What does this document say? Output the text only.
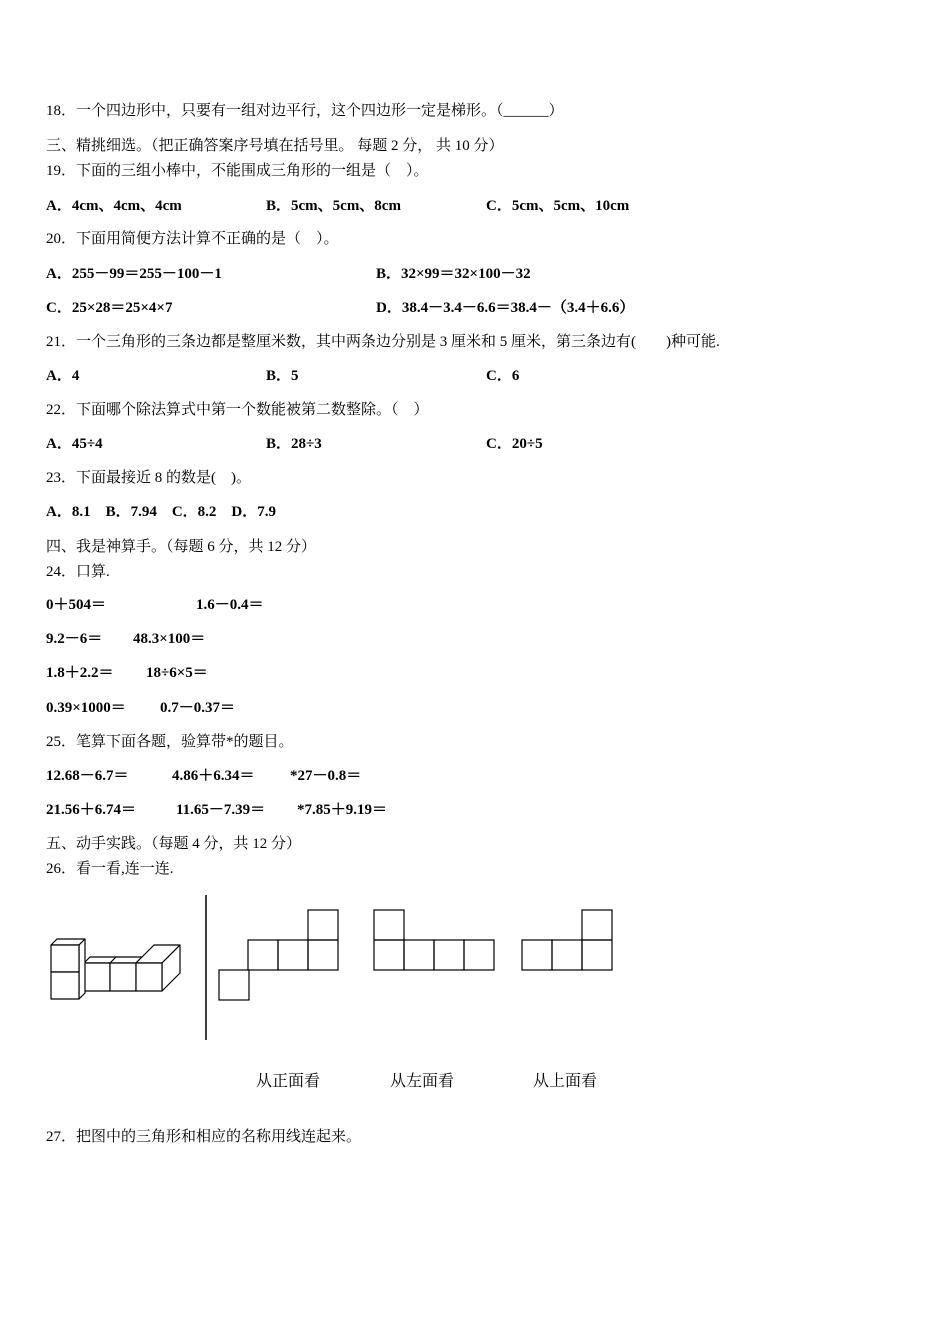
18．一个四边形中，只要有一组对边平行，这个四边形一定是梯形。（______）
三、精挑细选。（把正确答案序号填在括号里。 每题 2 分， 共 10 分）
19．下面的三组小棒中，不能围成三角形的一组是（　）。
A．4cm、4cm、4cm	B．5cm、5cm、8cm	C．5cm、5cm、10cm
20．下面用简便方法计算不正确的是（　）。
A．255－99＝255－100－1	B．32×99＝32×100－32
C．25×28＝25×4×7	D．38.4－3.4－6.6＝38.4－（3.4＋6.6）
21．一个三角形的三条边都是整厘米数，其中两条边分别是 3 厘米和 5 厘米，第三条边有(　　)种可能.
A．4	B．5	C．6
22．下面哪个除法算式中第一个数能被第二数整除。（　）
A．45÷4	B．28÷3	C．20÷5
23．下面最接近 8 的数是(　)。
A．8.1　B．7.94　C．8.2　D．7.9
四、我是神算手。（每题 6 分，共 12 分）
24．口算.
0＋504＝	1.6－0.4＝
9.2－6＝ 48.3×100＝
1.8＋2.2＝ 18÷6×5＝
0.39×1000＝ 0.7－0.37＝
25．笔算下面各题，验算带*的题目。
12.68－6.7＝	4.86＋6.34＝ *27－0.8＝
21.56＋6.74＝	11.65－7.39＝ *7.85＋9.19＝
五、动手实践。（每题 4 分，共 12 分）
26．看一看,连一连.
从正面看	从左面看	从上面看
27．把图中的三角形和相应的名称用线连起来。
